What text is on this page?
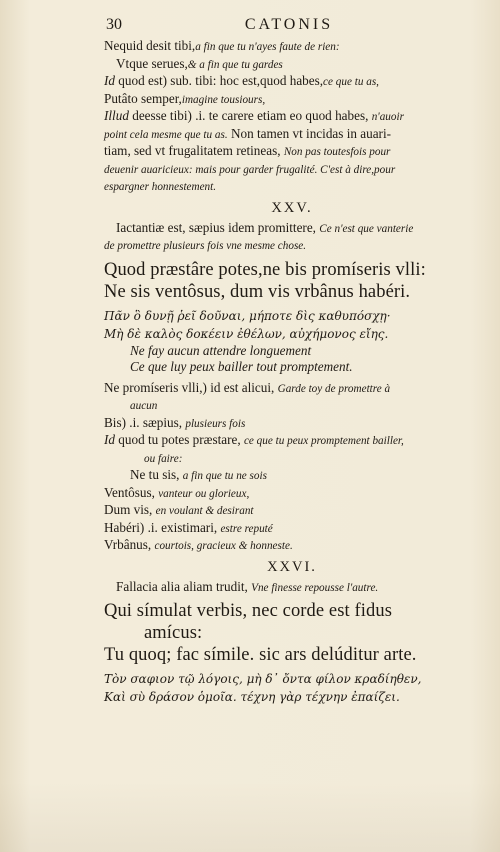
30	CATONIS

Nequid desit tibi,a fin que tu n'ayes faute de rien:

Vtque serues,& a fin que tu gardes

Id quod est) sub. tibi: hoc est,quod habes,ce que tu as,

Putâto semper,imagine tousiours,

Illud deesse tibi) .i. te carere etiam eo quod habes, n'auoir

point cela mesme que tu as. Non tamen vt incidas in auari-

tiam, sed vt frugalitatem retineas, Non pas toutesfois pour

deuenir auaricieux: mais pour garder frugalité. C'est à dire,pour

espargner honnestement.

XXV.

Iactantiæ est, sæpius idem promittere, Ce n'est que vanterie

de promettre plusieurs fois vne mesme chose.

Quod præstâre potes,ne bis promíseris vlli:

Ne sis ventôsus, dum vis vrbânus habéri.

Πᾶν ὃ δυνῇ ῥεῖ δοῦναι, μήποτε δὶς καθυπόσχῃ·

Μὴ δὲ καλὸς δοκέειν ἐθέλων, αὐχήμονος εἴης.

Ne fay aucun attendre longuement

Ce que luy peux bailler tout promptement.

Ne promíseris vlli,) id est alicui, Garde toy de promettre à

aucun

Bis) .i. sæpius, plusieurs fois

Id quod tu potes præstare, ce que tu peux promptement bailler,

ou faire:

Ne tu sis, a fin que tu ne sois

Ventôsus, vanteur ou glorieux,

Dum vis, en voulant & desirant

Habéri) .i. existimari, estre reputé

Vrbânus, courtois, gracieux & honneste.

XXVI.

Fallacia alia aliam trudit, Vne finesse repousse l'autre.

Qui símulat verbis, nec corde est fidus

amícus:

Tu quoq; fac símile. sic ars delúditur arte.

Τὸν σαφιον τῷ λόγοις, μὴ δ᾽ ὄντα φίλον κραδίηθεν,

Καὶ σὺ δράσον ὁμοῖα. τέχνη γὰρ τέχνην ἐπαίζει.
